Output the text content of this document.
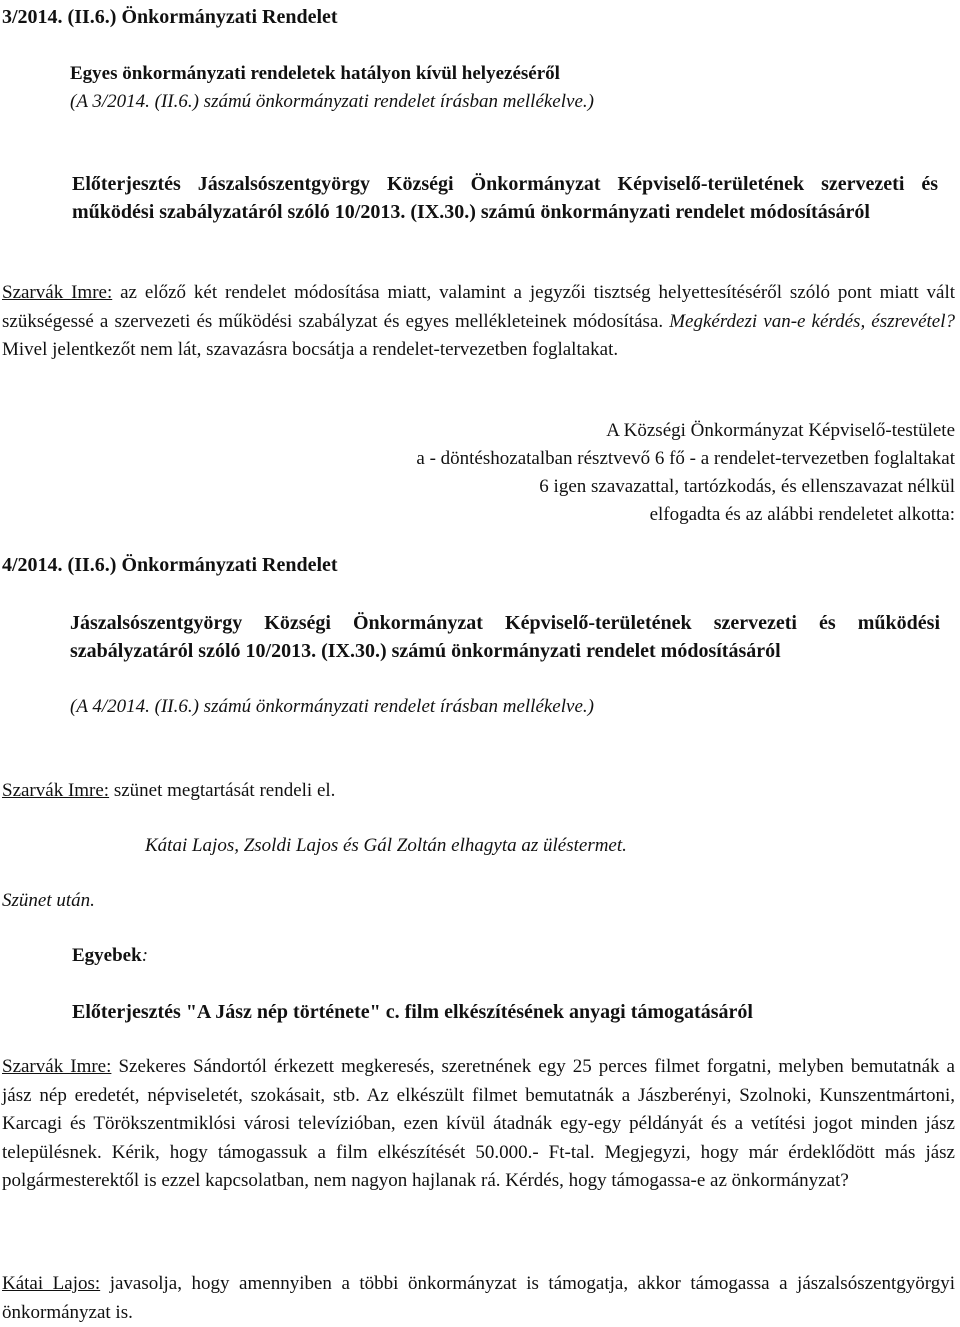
3/2014. (II.6.) Önkormányzati Rendelet
Egyes önkormányzati rendeletek hatályon kívül helyezéséről
(A 3/2014. (II.6.) számú önkormányzati rendelet írásban mellékelve.)
Előterjesztés Jászalsószentgyörgy Községi Önkormányzat Képviselő-területének szervezeti és működési szabályzatáról szóló 10/2013. (IX.30.) számú önkormányzati rendelet módosításáról
Szarvák Imre: az előző két rendelet módosítása miatt, valamint a jegyzői tisztség helyettesítéséről szóló pont miatt vált szükségessé a szervezeti és működési szabályzat és egyes mellékleteinek módosítása. Megkérdezi van-e kérdés, észrevétel? Mivel jelentkezőt nem lát, szavazásra bocsátja a rendelet-tervezetben foglaltakat.
A Községi Önkormányzat Képviselő-testülete
a - döntéshozatalban résztvevő 6 fő - a rendelet-tervezetben foglaltakat
6 igen szavazattal, tartózkodás, és ellenszavazat nélkül
elfogadta és az alábbi rendeletet alkotta:
4/2014. (II.6.) Önkormányzati Rendelet
Jászalsószentgyörgy Községi Önkormányzat Képviselő-területének szervezeti és működési szabályzatáról szóló 10/2013. (IX.30.) számú önkormányzati rendelet módosításáról
(A 4/2014. (II.6.) számú önkormányzati rendelet írásban mellékelve.)
Szarvák Imre: szünet megtartását rendeli el.
Kátai Lajos, Zsoldi Lajos és Gál Zoltán elhagyta az üléstermet.
Szünet után.
Egyebek:
Előterjesztés "A Jász nép története" c. film elkészítésének anyagi támogatásáról
Szarvák Imre: Szekeres Sándortól érkezett megkeresés, szeretnének egy 25 perces filmet forgatni, melyben bemutatnák a jász nép eredetét, népviseletét, szokásait, stb. Az elkészült filmet bemutatnák a Jászberényi, Szolnoki, Kunszentmártoni, Karcagi és Törökszentmiklósi városi televízióban, ezen kívül átadnák egy-egy példányát és a vetítési jogot minden jász településnek. Kérik, hogy támogassuk a film elkészítését 50.000.- Ft-tal. Megjegyzi, hogy már érdeklődött más jász polgármesterektől is ezzel kapcsolatban, nem nagyon hajlanak rá. Kérdés, hogy támogassa-e az önkormányzat?
Kátai Lajos: javasolja, hogy amennyiben a többi önkormányzat is támogatja, akkor támogassa a jászalsószentgyörgyi önkormányzat is.
